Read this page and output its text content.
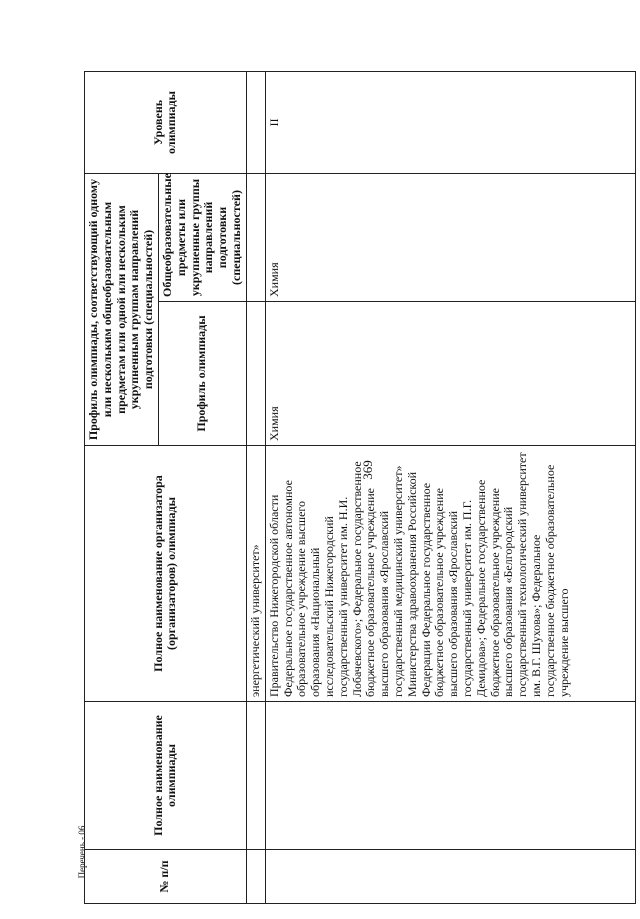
369
Перечень - 06	№ п/п	Полное наименование олимпиады	Полное наименование организатора (организаторов) олимпиады	Профиль олимпиады, соответствующий одному или нескольким общеобразовательным предметам или одной или нескольким укрупненным группам направлений подготовки (специальностей)		Уровень олимпиады
			Профиль олимпиады	Общеобразовательные предметы или укрупненные группы направлений подготовки (специальностей)	
		энергетический университет»			
		Правительство Нижегородской области Федеральное государственное автономное образовательное учреждение высшего образования «Национальный исследовательский Нижегородский государственный университет им. Н.И. Лобачевского»; Федеральное государственное бюджетное образовательное учреждение высшего образования «Ярославский государственный медицинский университет» Министерства здравоохранения Российской Федерации Федеральное государственное бюджетное образовательное учреждение высшего образования «Ярославский государственный университет им. П.Г. Демидова»; Федеральное государственное бюджетное образовательное учреждение высшего образования «Белгородский государственный технологический университет им. В.Г. Шухова»; Федеральное государственное бюджетное образовательное учреждение высшего	Химия	Химия	II
